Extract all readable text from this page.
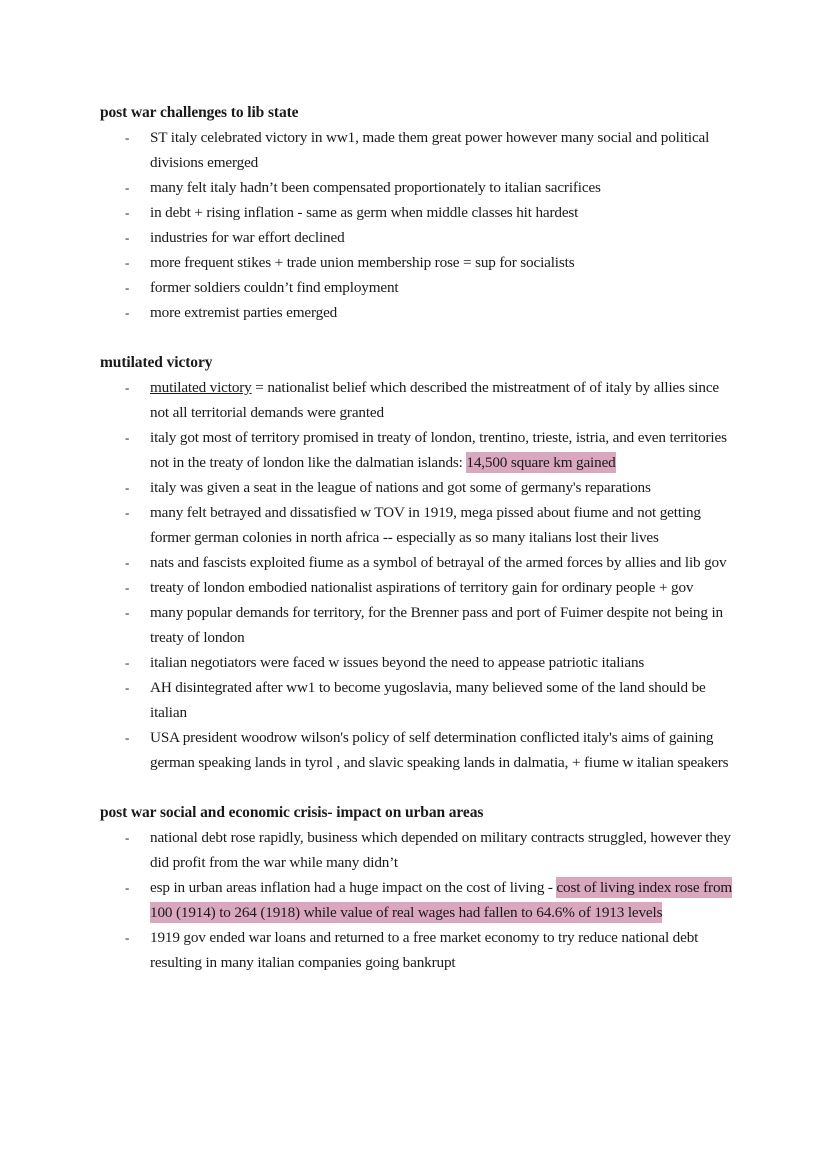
post war challenges to lib state
- ST italy celebrated victory in ww1, made them great power however many social and political divisions emerged
- many felt italy hadn’t been compensated proportionately to italian sacrifices
- in debt + rising inflation - same as germ when middle classes hit hardest
- industries for war effort declined
- more frequent stikes + trade union membership rose = sup for socialists
- former soldiers couldn’t find employment
- more extremist parties emerged
mutilated victory
- mutilated victory = nationalist belief which described the mistreatment of of italy by allies since not all territorial demands were granted
- italy got most of territory promised in treaty of london, trentino, trieste, istria, and even territories not in the treaty of london like the dalmatian islands: 14,500 square km gained
- italy was given a seat in the league of nations and got some of germany's reparations
- many felt betrayed and dissatisfied w TOV in 1919, mega pissed about fiume and not getting former german colonies in north africa -- especially as so many italians lost their lives
- nats and fascists exploited fiume as a symbol of betrayal of the armed forces by allies and lib gov
- treaty of london embodied nationalist aspirations of territory gain for ordinary people + gov
- many popular demands for territory, for the Brenner pass and port of Fuimer despite not being in treaty of london
- italian negotiators were faced w issues beyond the need to appease patriotic italians
- AH disintegrated after ww1 to become yugoslavia, many believed some of the land should be italian
- USA president woodrow wilson's policy of self determination conflicted italy's aims of gaining german speaking lands in tyrol , and slavic speaking lands in dalmatia, + fiume w italian speakers
post war social and economic crisis- impact on urban areas
- national debt rose rapidly, business which depended on military contracts struggled, however they did profit from the war while many didn’t
- esp in urban areas inflation had a huge impact on the cost of living - cost of living index rose from 100 (1914) to 264 (1918) while value of real wages had fallen to 64.6% of 1913 levels
- 1919 gov ended war loans and returned to a free market economy to try reduce national debt resulting in many italian companies going bankrupt
